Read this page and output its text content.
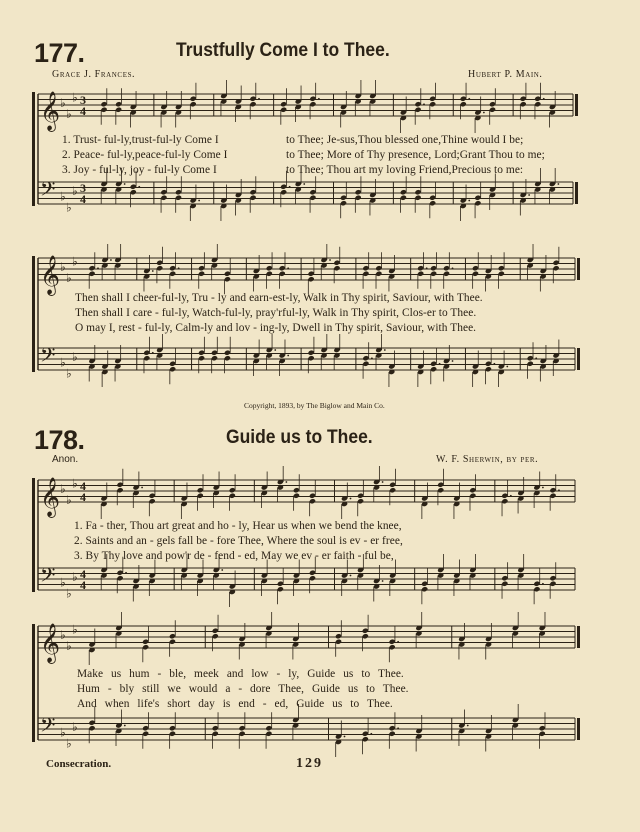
𝄞 ♭
♭
♭
𝄢 ♭
♭
♭
3
4
3
4
𝄞 ♭
♭
♭
𝄢 ♭
♭
♭
𝄞 ♭
♭
♭
𝄢 ♭
♭
♭
4
4
4
4
𝄞 ♭
♭
♭
𝄢 ♭
♭
♭
177.	Trustfully Come I to Thee.
Grace J. Frances.	Hubert P. Main.
1. Trust- ful-ly,trust-ful-ly Come I
2. Peace- ful-ly,peace-ful-ly Come I
3. Joy - ful-ly, joy - ful-ly Come I
to Thee; Je-sus,Thou blessed one,Thine would I be;
to Thee; More of Thy presence, Lord;Grant Thou to me;
to Thee; Thou art my loving Friend,Precious to me:
Then shall I cheer-ful-ly, Tru - ly and earn-est-ly, Walk in Thy spirit, Saviour, with Thee.
Then shall I care - ful-ly, Watch-ful-ly, pray'rful-ly, Walk in Thy spirit, Clos-er to Thee.
O may I, rest - ful-ly, Calm-ly and lov - ing-ly, Dwell in Thy spirit, Saviour, with Thee.
Copyright, 1893, by The Biglow and Main Co.
178.	Guide us to Thee.
Anon.	W. F. Sherwin, by per.
1. Fa - ther, Thou art great and ho - ly, Hear us when we bend the knee,
2. Saints and an - gels fall be - fore Thee, Where the soul is ev - er free,
3. By Thy love and pow'r de - fend - ed, May we ev - er faith - ful be,
Make us hum - ble, meek and low - ly, Guide us to Thee.
Hum - bly still we would a - dore Thee, Guide us to Thee.
And when life's short day is end - ed, Guide us to Thee.
Consecration.	129
